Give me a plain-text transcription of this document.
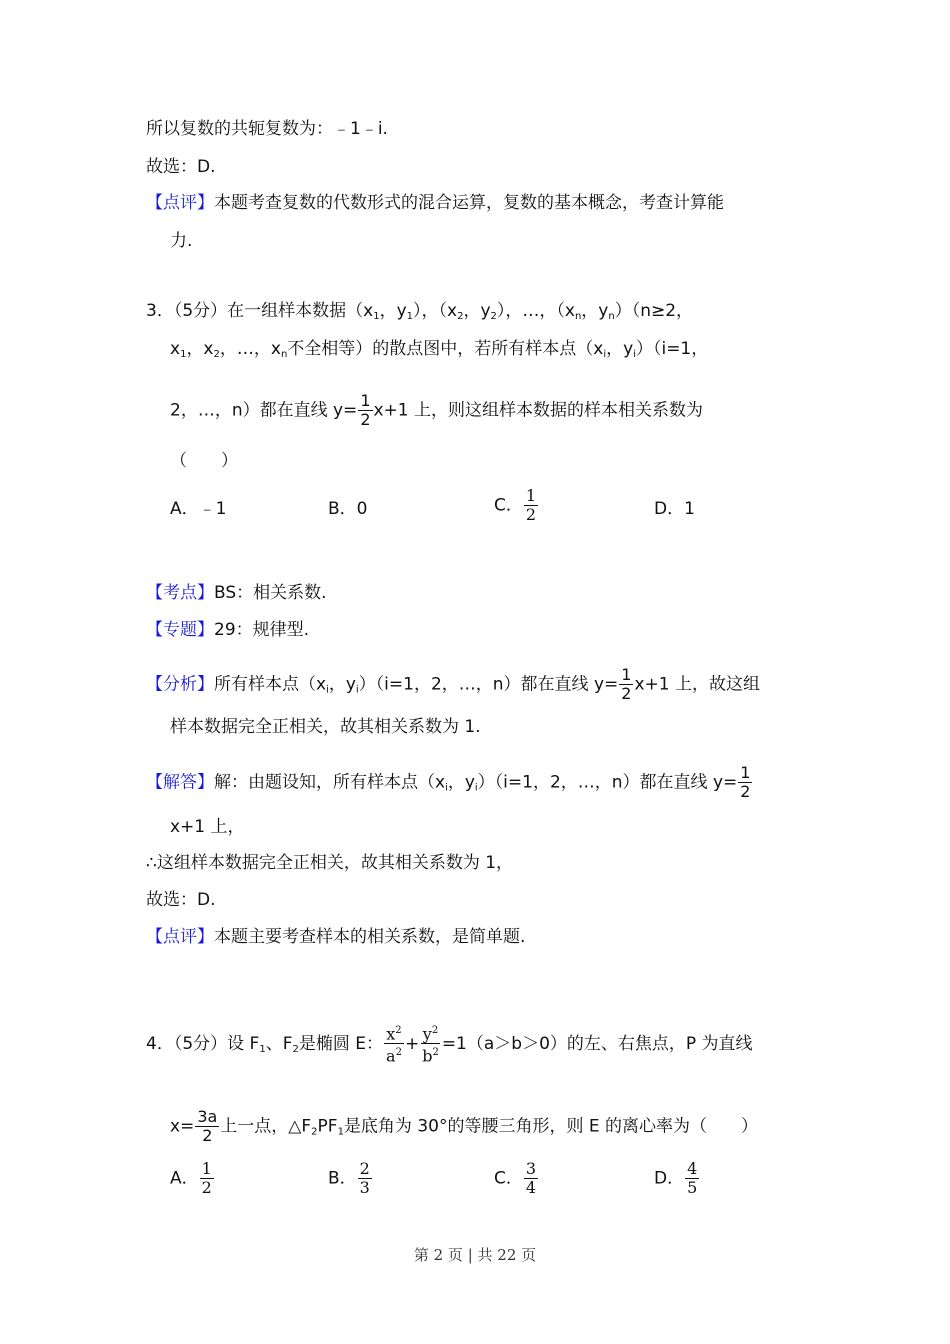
所以复数的共轭复数为：﹣1﹣i.
故选：D.
【点评】本题考查复数的代数形式的混合运算，复数的基本概念，考查计算能
力.
3．（5分）在一组样本数据（$x_1$，$y_1$），（$x_2$，$y_2$），…，（$x_n$，$y_n)(n\ge 2$，
$x_1$，$x_2$，…，$x_n$不全相等）的散点图中，若所有样本点（$x_i$，$y_i)(i=1$，
2，…，n）都在直线 $y= \frac{1}{2} x+1$ 上，则这组样本数据的样本相关系数为
（　　）
A．﹣1	B．0	C． $\frac{1}{2}$	D．1
【考点】BS：相关系数.
【专题】29：规律型.
【分析】所有样本点（$x_i$，$y_i)(i=1$，2，…，n）都在直线 $y= \frac{1}{2} x+1$ 上，故这组
样本数据完全正相关，故其相关系数为 1.
【解答】解：由题设知，所有样本点（$x_i$，$y_i)(i=1$，2，…，n）都在直线 $y= \frac{1}{2}$
x+1 上，
∴这组样本数据完全正相关，故其相关系数为 1，
故选：D.
【点评】本题主要考查样本的相关系数，是简单题.
4．（5分）设 $F_1$、$F_2$是椭圆 E： $\frac{x^2}{a^2} + \frac{y^2}{b^2} =1(a>b>0)$的左、右焦点，P 为直线
$x= \frac{3a}{2}$ 上一点，$\triangle F_2PF_1$是底角为 30°的等腰三角形，则 E 的离心率为（　　）
A． $\frac{1}{2}$	B． $\frac{2}{3}$	C． $\frac{3}{4}$	D． $\frac{4}{5}$
第 2 页 | 共 22 页
